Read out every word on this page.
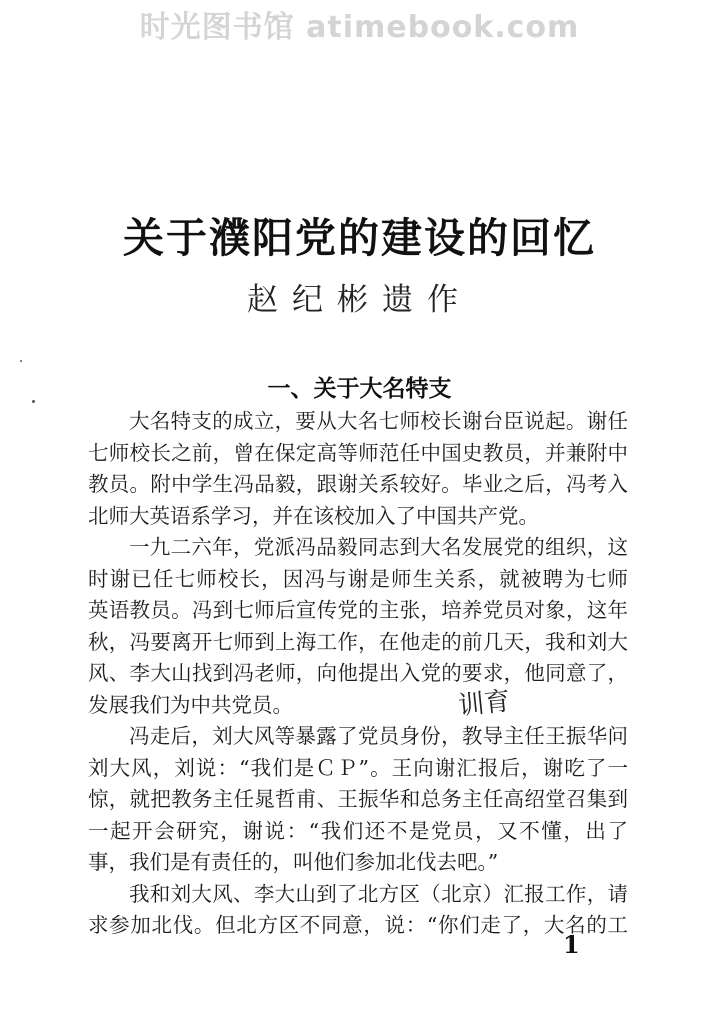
时光图书馆 atimebook.com
关于濮阳党的建设的回忆
赵纪彬遗作
一、关于大名特支

大名特支的成立，要从大名七师校长谢台臣说起。谢任
七师校长之前，曾在保定高等师范任中国史教员，并兼附中
教员。附中学生冯品毅，跟谢关系较好。毕业之后，冯考入
北师大英语系学习，并在该校加入了中国共产党。

一九二六年，党派冯品毅同志到大名发展党的组织，这
时谢已任七师校长，因冯与谢是师生关系，就被聘为七师
英语教员。冯到七师后宣传党的主张，培养党员对象，这年
秋，冯要离开七师到上海工作，在他走的前几天，我和刘大
风、李大山找到冯老师，向他提出入党的要求，他同意了，
发展我们为中共党员。

冯走后，刘大风等暴露了党员身份，教导主任王振华问
刘大风，刘说：“我们是ＣＰ”。王向谢汇报后，谢吃了一
惊，就把教务主任晁哲甫、王振华和总务主任高绍堂召集到
一起开会研究，谢说：“我们还不是党员，又不懂，出了
事，我们是有责任的，叫他们参加北伐去吧。”

我和刘大风、李大山到了北方区（北京）汇报工作，请
求参加北伐。但北方区不同意，说：“你们走了，大名的工

训育
1
